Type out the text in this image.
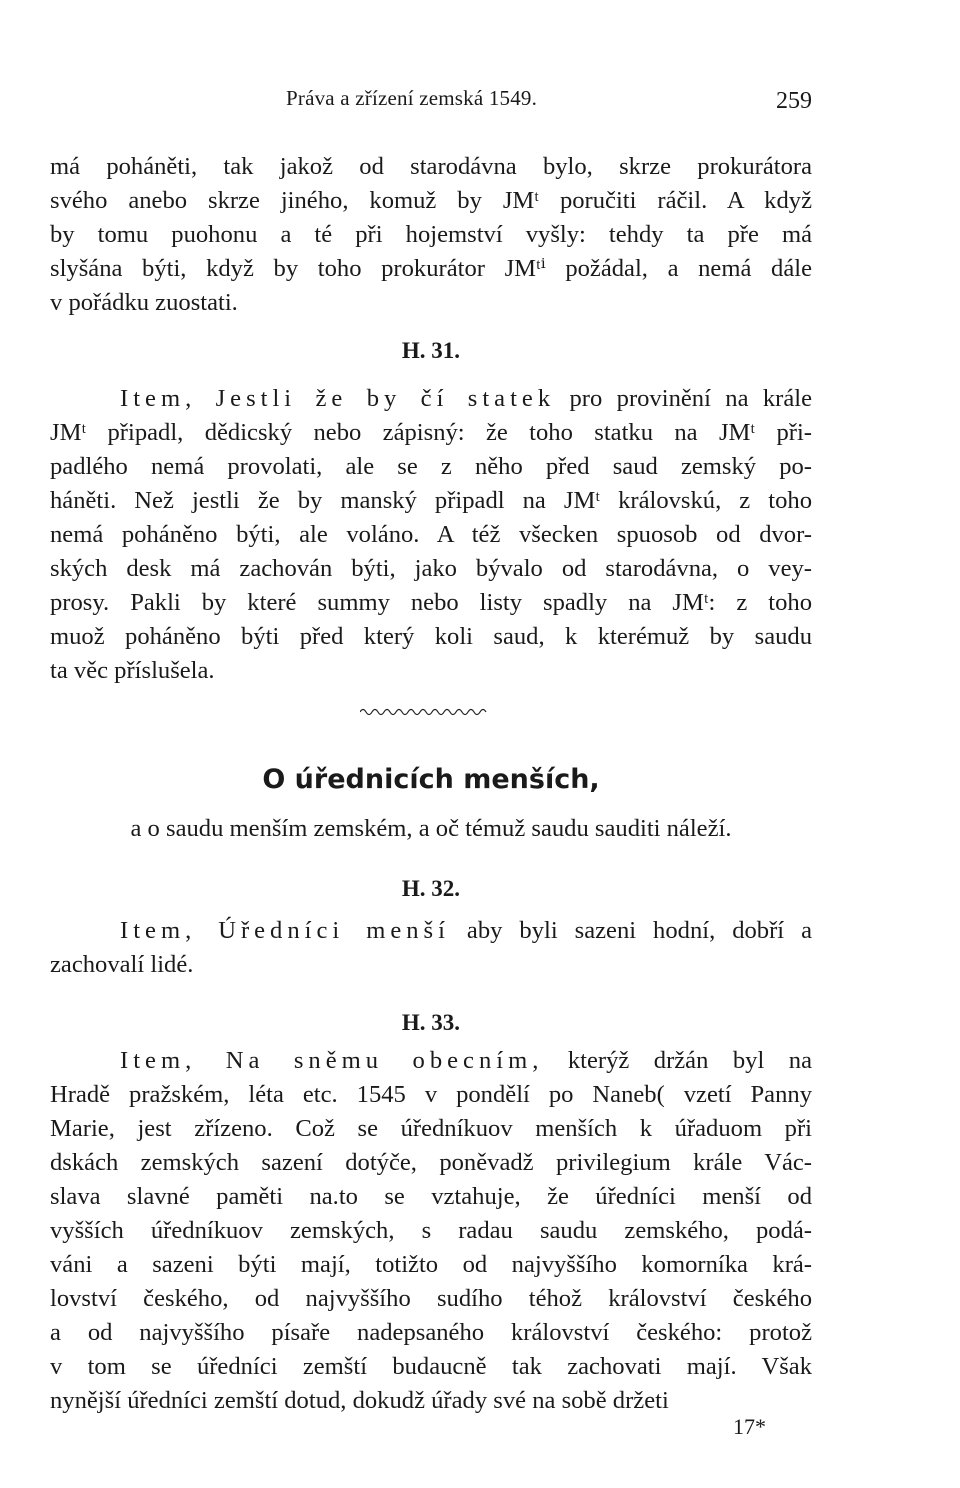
Práva a zřízení zemská 1549.	259
má poháněti, tak jakož od starodávna bylo, skrze prokurátora
svého anebo skrze jiného, komuž by JMᵗ poručiti ráčil. A když
by tomu puohonu a té při hojemství vyšly: tehdy ta pře má
slyšána býti, když by toho prokurátor JMᵗⁱ požádal, a nemá dále
v pořádku zuostati.
H. 31.
Item, Jestli že by čí statek pro provinění na krále
JMᵗ připadl, dědicský nebo zápisný: že toho statku na JMᵗ při-
padlého nemá provolati, ale se z něho před saud zemský po-
háněti. Než jestli že by manský připadl na JMᵗ královskú, z toho
nemá poháněno býti, ale voláno. A též všecken spuosob od dvor-
ských desk má zachován býti, jako bývalo od starodávna, o vey-
prosy. Pakli by které summy nebo listy spadly na JMᵗ: z toho
muož poháněno býti před který koli saud, k kterémuž by saudu
ta věc příslušela.
O úřednicích menších,
a o saudu menším zemském, a oč témuž saudu sauditi náleží.
H. 32.
Item, Úředníci menší aby byli sazeni hodní, dobří a
zachovalí lidé.
H. 33.
Item, Na sněmu obecním, kterýž držán byl na
Hradě pražském, léta etc. 1545 v pondělí po Naneb( vzetí Panny
Marie, jest zřízeno. Což se úředníkuov menších k úřaduom při
dskách zemských sazení dotýče, poněvadž privilegium krále Vác-
slava slavné paměti na.to se vztahuje, že úředníci menší od
vyšších úředníkuov zemských, s radau saudu zemského, podá-
váni a sazeni býti mají, totižto od najvyššího komorníka krá-
lovství českého, od najvyššího sudího téhož království českého
a od najvyššího písaře nadepsaného království českého: protož
v tom se úředníci zemští budaucně tak zachovati mají. Však
nynější úředníci zemští dotud, dokudž úřady své na sobě držeti
17*
